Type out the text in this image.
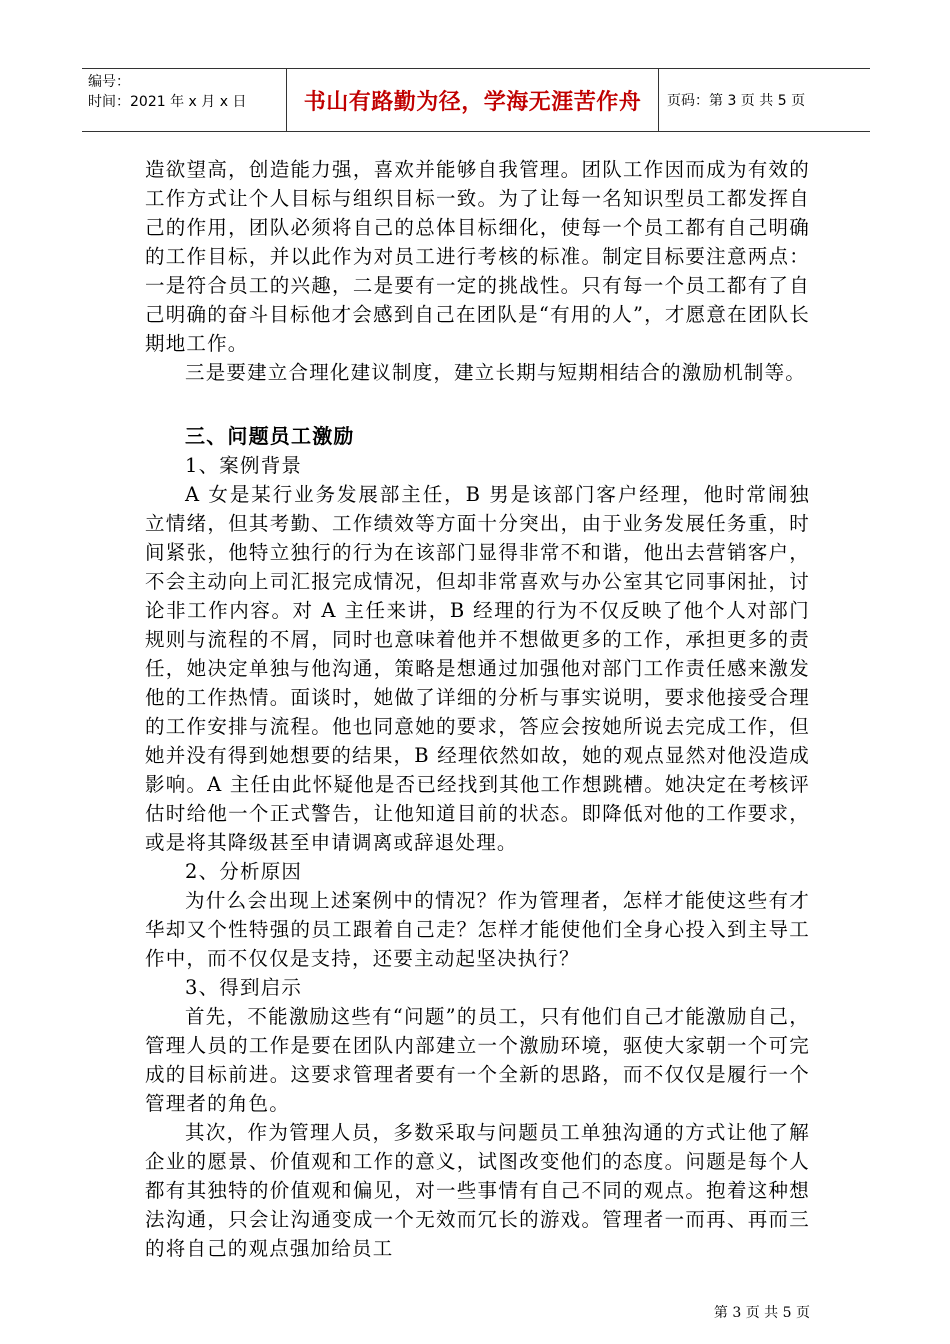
编号：
时间：2021 年 x 月 x 日	书山有路勤为径，学海无涯苦作舟	页码：第 3 页 共 5 页

造欲望高，创造能力强，喜欢并能够自我管理。团队工作因而成为有效的工作方式让个人目标与组织目标一致。为了让每一名知识型员工都发挥自己的作用，团队必须将自己的总体目标细化，使每一个员工都有自己明确的工作目标，并以此作为对员工进行考核的标准。制定目标要注意两点：一是符合员工的兴趣，二是要有一定的挑战性。只有每一个员工都有了自己明确的奋斗目标他才会感到自己在团队是“有用的人”，才愿意在团队长期地工作。

三是要建立合理化建议制度，建立长期与短期相结合的激励机制等。

三、问题员工激励

1、案例背景

A 女是某行业务发展部主任，B 男是该部门客户经理，他时常闹独立情绪，但其考勤、工作绩效等方面十分突出，由于业务发展任务重，时间紧张，他特立独行的行为在该部门显得非常不和谐，他出去营销客户，不会主动向上司汇报完成情况，但却非常喜欢与办公室其它同事闲扯，讨论非工作内容。对 A 主任来讲，B 经理的行为不仅反映了他个人对部门规则与流程的不屑，同时也意味着他并不想做更多的工作，承担更多的责任，她决定单独与他沟通，策略是想通过加强他对部门工作责任感来激发他的工作热情。面谈时，她做了详细的分析与事实说明，要求他接受合理的工作安排与流程。他也同意她的要求，答应会按她所说去完成工作，但她并没有得到她想要的结果，B 经理依然如故，她的观点显然对他没造成影响。A 主任由此怀疑他是否已经找到其他工作想跳槽。她决定在考核评估时给他一个正式警告，让他知道目前的状态。即降低对他的工作要求，或是将其降级甚至申请调离或辞退处理。

2、分析原因

为什么会出现上述案例中的情况？作为管理者，怎样才能使这些有才华却又个性特强的员工跟着自己走？怎样才能使他们全身心投入到主导工作中，而不仅仅是支持，还要主动起坚决执行？

3、得到启示

首先，不能激励这些有“问题”的员工，只有他们自己才能激励自己，管理人员的工作是要在团队内部建立一个激励环境，驱使大家朝一个可完成的目标前进。这要求管理者要有一个全新的思路，而不仅仅是履行一个管理者的角色。

其次，作为管理人员，多数采取与问题员工单独沟通的方式让他了解企业的愿景、价值观和工作的意义，试图改变他们的态度。问题是每个人都有其独特的价值观和偏见，对一些事情有自己不同的观点。抱着这种想法沟通，只会让沟通变成一个无效而冗长的游戏。管理者一而再、再而三的将自己的观点强加给员工

第 3 页 共 5 页
